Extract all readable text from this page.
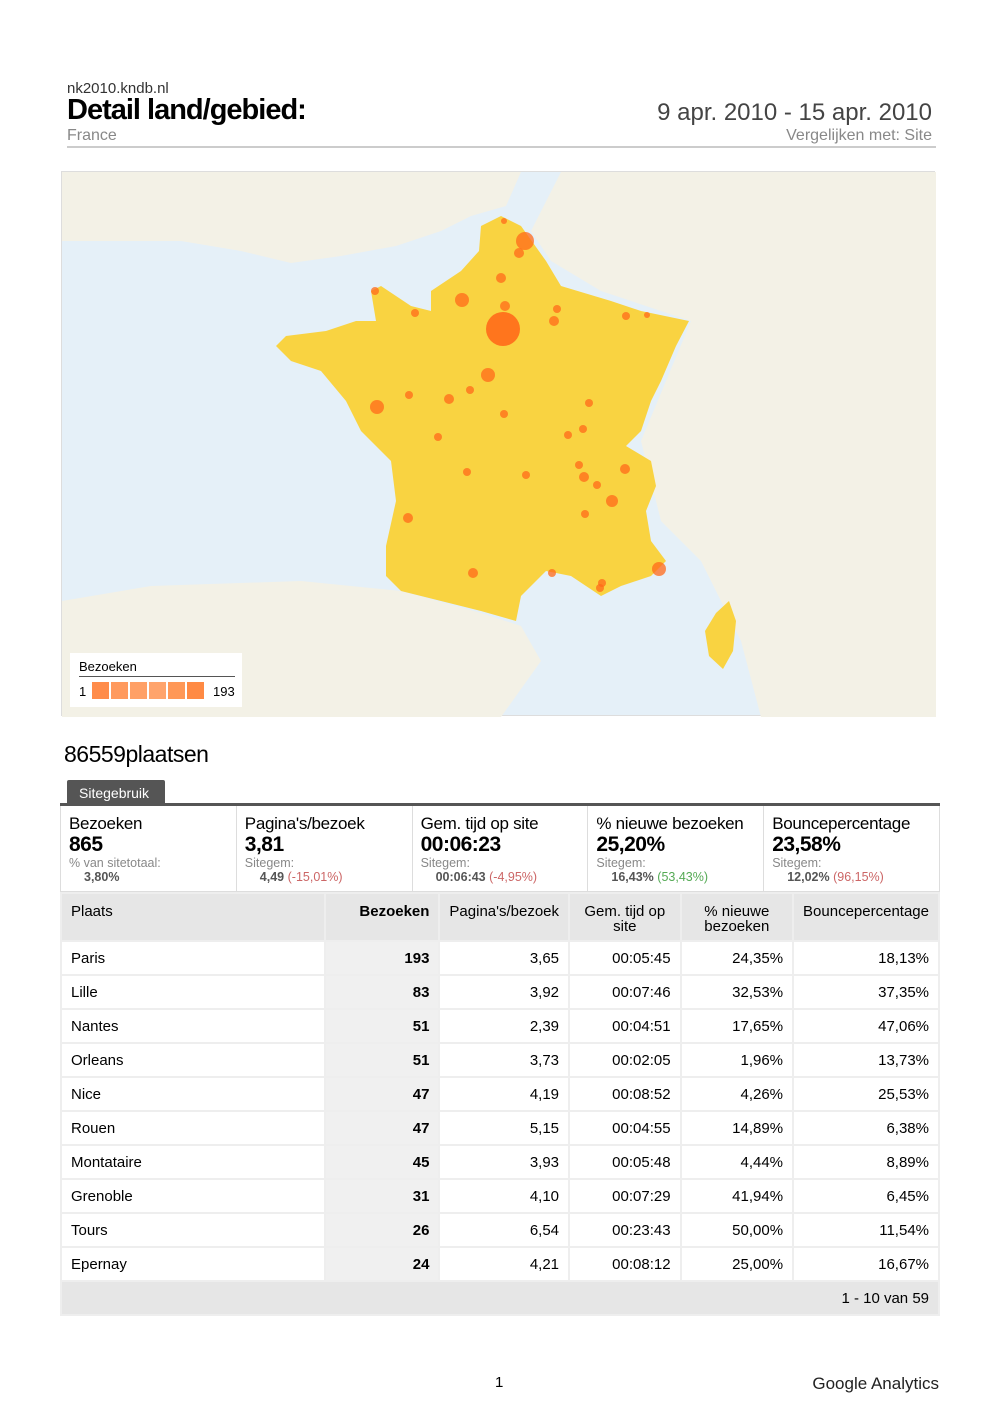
nk2010.kndb.nl
Detail land/gebied:
France
9 apr. 2010 - 15 apr. 2010
Vergelijken met: Site
Bezoeken
1	193
86559plaatsen
Sitegebruik
Bezoeken
865
% van sitetotaal:
3,80%
Pagina's/bezoek
3,81
Sitegem:
4,49 (-15,01%)
Gem. tijd op site
00:06:23
Sitegem:
00:06:43 (-4,95%)
% nieuwe bezoeken
25,20%
Sitegem:
16,43% (53,43%)
Bouncepercentage
23,58%
Sitegem:
12,02% (96,15%)
Plaats	Bezoeken	Pagina's/bezoek	Gem. tijd op site	% nieuwe bezoeken	Bouncepercentage
Paris	193	3,65	00:05:45	24,35%	18,13%
Lille	83	3,92	00:07:46	32,53%	37,35%
Nantes	51	2,39	00:04:51	17,65%	47,06%
Orleans	51	3,73	00:02:05	1,96%	13,73%
Nice	47	4,19	00:08:52	4,26%	25,53%
Rouen	47	5,15	00:04:55	14,89%	6,38%
Montataire	45	3,93	00:05:48	4,44%	8,89%
Grenoble	31	4,10	00:07:29	41,94%	6,45%
Tours	26	6,54	00:23:43	50,00%	11,54%
Epernay	24	4,21	00:08:12	25,00%	16,67%
1 - 10 van 59					
1	Google Analytics
